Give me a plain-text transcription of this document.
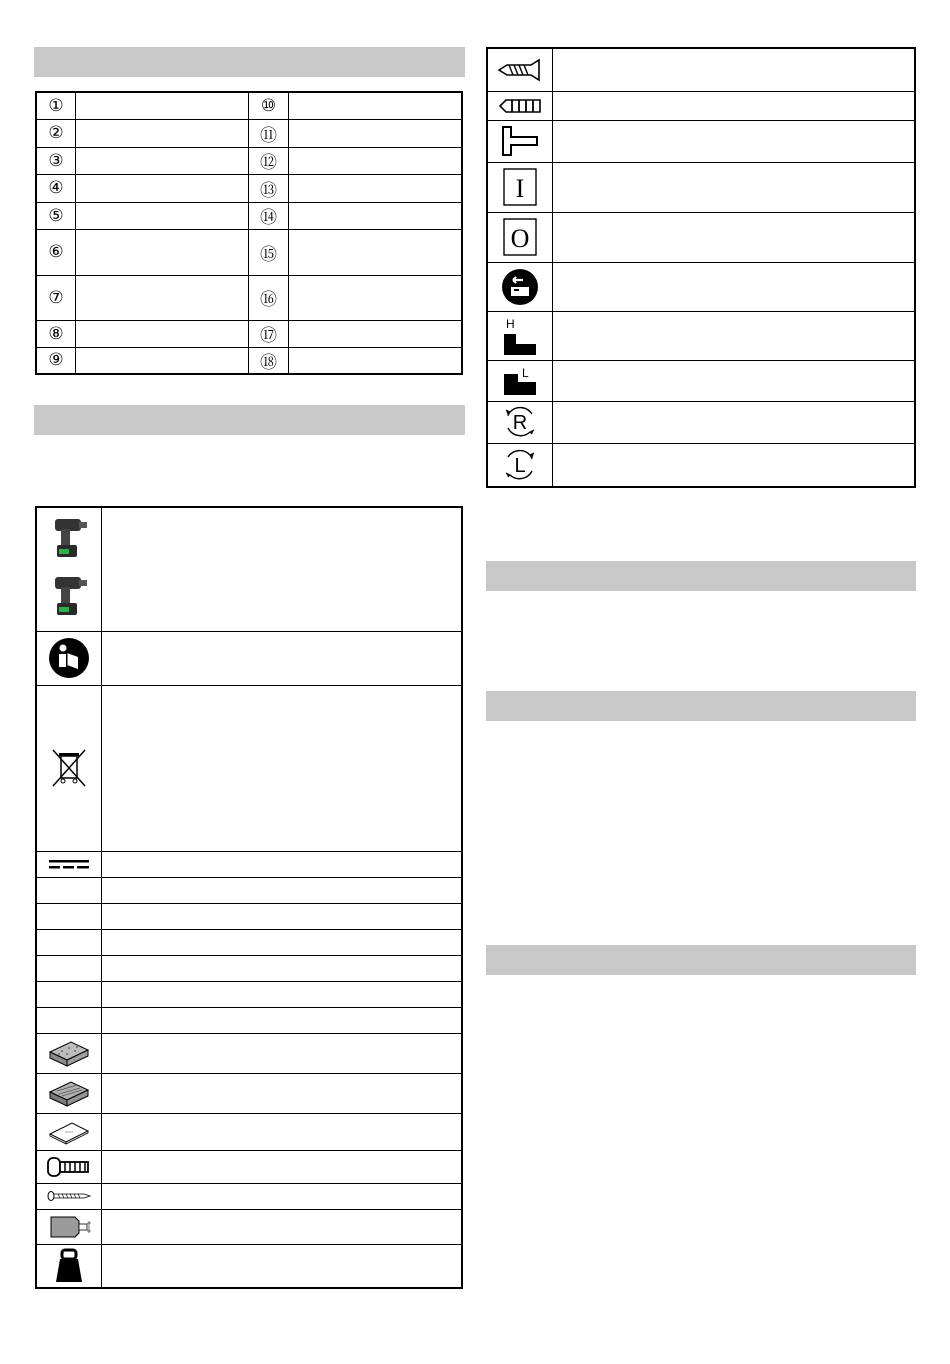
①		⑩	
②		⑪	
③		⑫	
④		⑬	
⑤		⑭	
⑥		⑮	
⑦		⑯	
⑧		⑰	
⑨		⑱	

I	

O	

H	

L	

R	

L	
